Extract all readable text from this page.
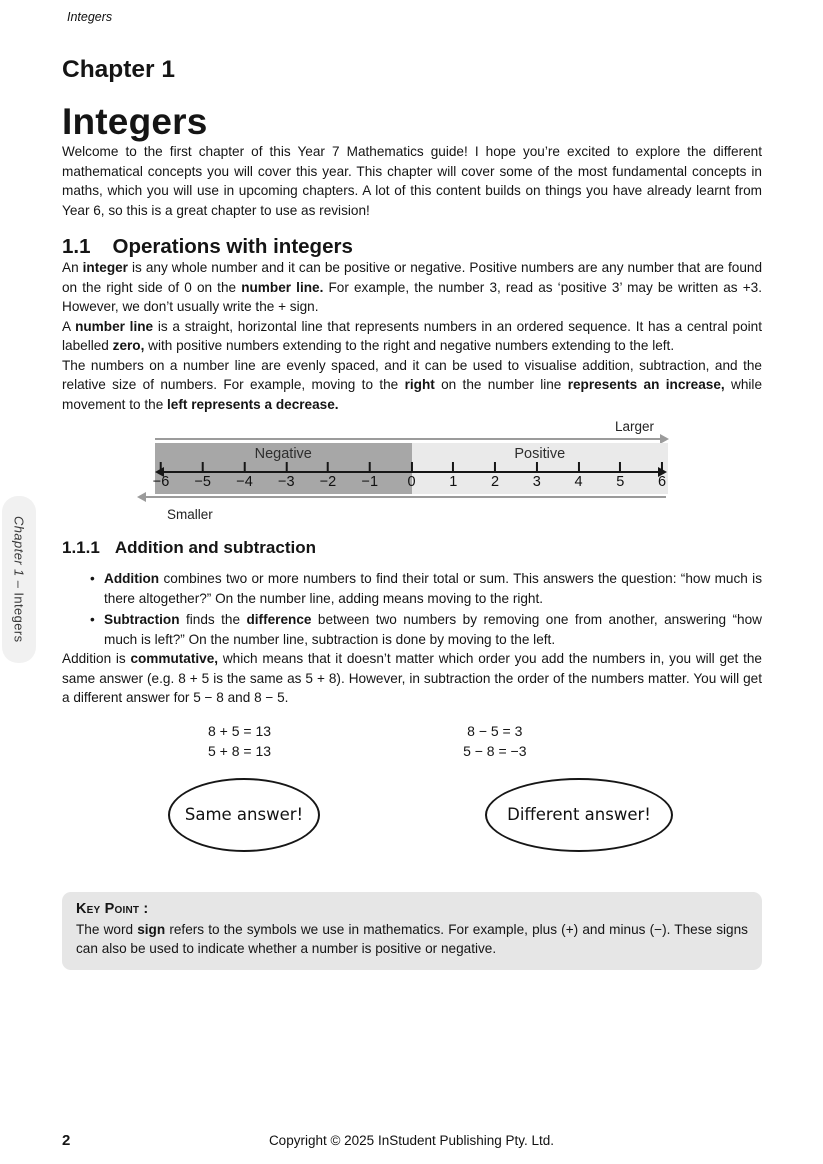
Integers
Chapter 1 – Integers
Chapter 1
Integers

Welcome to the first chapter of this Year 7 Mathematics guide! I hope you’re excited to explore the different mathematical concepts you will cover this year. This chapter will cover some of the most fundamental concepts in maths, which you will use in upcoming chapters. A lot of this content builds on things you have already learnt from Year 6, so this is a great chapter to use as revision!

1.1 Operations with integers

An integer is any whole number and it can be positive or negative. Positive numbers are any number that are found on the right side of 0 on the number line. For example, the number 3, read as ‘positive 3’ may be written as +3. However, we don’t usually write the + sign.

A number line is a straight, horizontal line that represents numbers in an ordered sequence. It has a central point labelled zero, with positive numbers extending to the right and negative numbers extending to the left.

The numbers on a number line are evenly spaced, and it can be used to visualise addition, subtraction, and the relative size of numbers. For example, moving to the right on the number line represents an increase, while movement to the left represents a decrease.

Larger
Negative	Positive
−6 −5 −4 −3 −2 −1 0 1 2 3 4 5 6
Smaller
1.1.1 Addition and subtraction
• Addition combines two or more numbers to find their total or sum. This answers the question: “how much is there altogether?” On the number line, adding means moving to the right.
• Subtraction finds the difference between two numbers by removing one from another, answering “how much is left?” On the number line, subtraction is done by moving to the left.

Addition is commutative, which means that it doesn’t matter which order you add the numbers in, you will get the same answer (e.g. 8 + 5 is the same as 5 + 8). However, in subtraction the order of the numbers matter. You will get a different answer for 5 − 8 and 8 − 5.

8 + 5 = 13
5 + 8 = 13
8 − 5 = 3
5 − 8 = −3
Same answer!	Different answer!
Key Point :
The word sign refers to the symbols we use in mathematics. For example, plus (+) and minus (−). These signs can also be used to indicate whether a number is positive or negative.
2	Copyright © 2025 InStudent Publishing Pty. Ltd.
